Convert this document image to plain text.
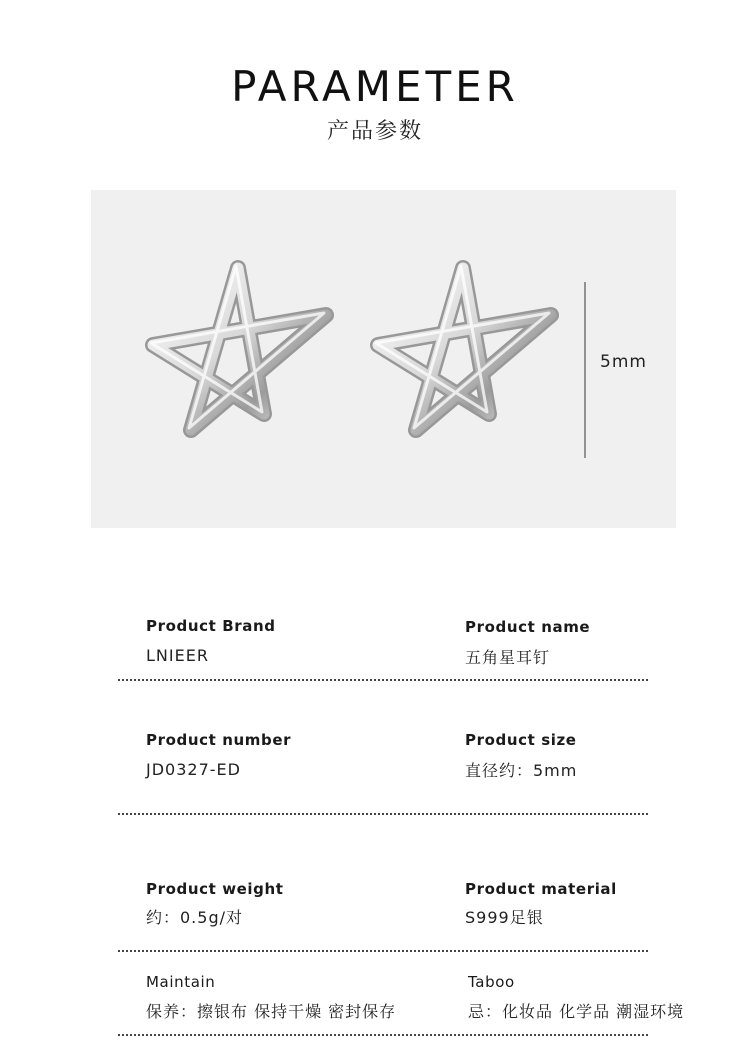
PARAMETER
产品参数
5mm
Product Brand
LNIEER
Product name
五角星耳钉
Product number
JD0327-ED
Product size
直径约：5mm
Product weight
约：0.5g/对
Product material
S999足银
Maintain
保养：擦银布 保持干燥 密封保存
Taboo
忌：化妆品 化学品 潮湿环境
